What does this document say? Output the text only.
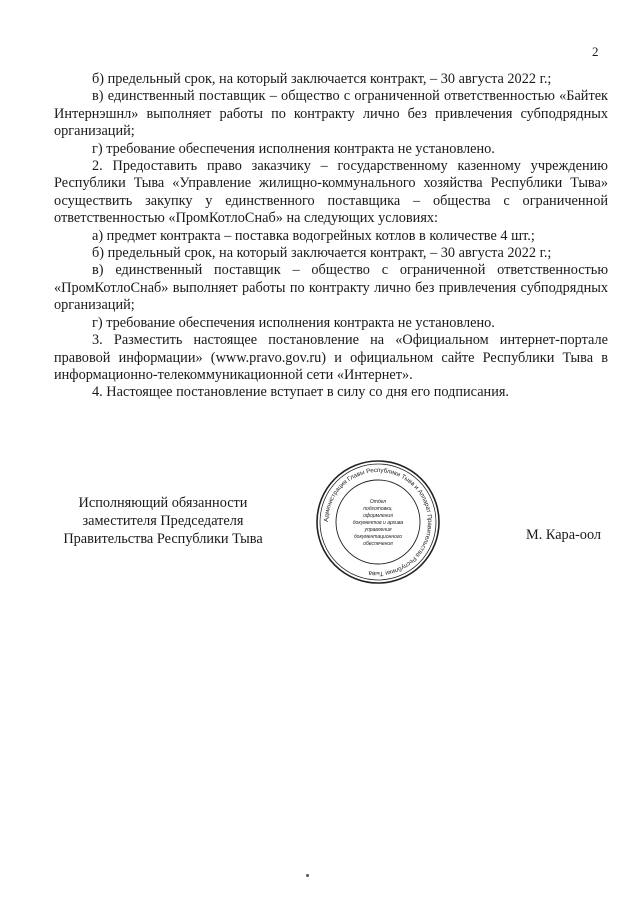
2

б) предельный срок, на который заключается контракт, – 30 августа 2022 г.;

в) единственный поставщик – общество с ограниченной ответственностью «Байтек Интернэшнл» выполняет работы по контракту лично без привлечения субподрядных организаций;

г) требование обеспечения исполнения контракта не установлено.

2. Предоставить право заказчику – государственному казенному учреждению Республики Тыва «Управление жилищно-коммунального хозяйства Республики Тыва» осуществить закупку у единственного поставщика – общества с ограниченной ответственностью «ПромКотлоСнаб» на следующих условиях:

а) предмет контракта – поставка водогрейных котлов в количестве 4 шт.;

б) предельный срок, на который заключается контракт, – 30 августа 2022 г.;

в) единственный поставщик – общество с ограниченной ответственностью «ПромКотлоСнаб» выполняет работы по контракту лично без привлечения субподрядных организаций;

г) требование обеспечения исполнения контракта не установлено.

3. Разместить настоящее постановление на «Официальном интернет-портале правовой информации» (www.pravo.gov.ru) и официальном сайте Республики Тыва в информационно-телекоммуникационной сети «Интернет».

4. Настоящее постановление вступает в силу со дня его подписания.

Исполняющий обязанности
заместителя Председателя
Правительства Республики Тыва
Администрация Главы Республики Тыва и Аппарат Правительства Республики Тыва
Отдел
подготовки,
оформления
документов и архива
управления
документационного
обеспечения
М. Кара-оол
